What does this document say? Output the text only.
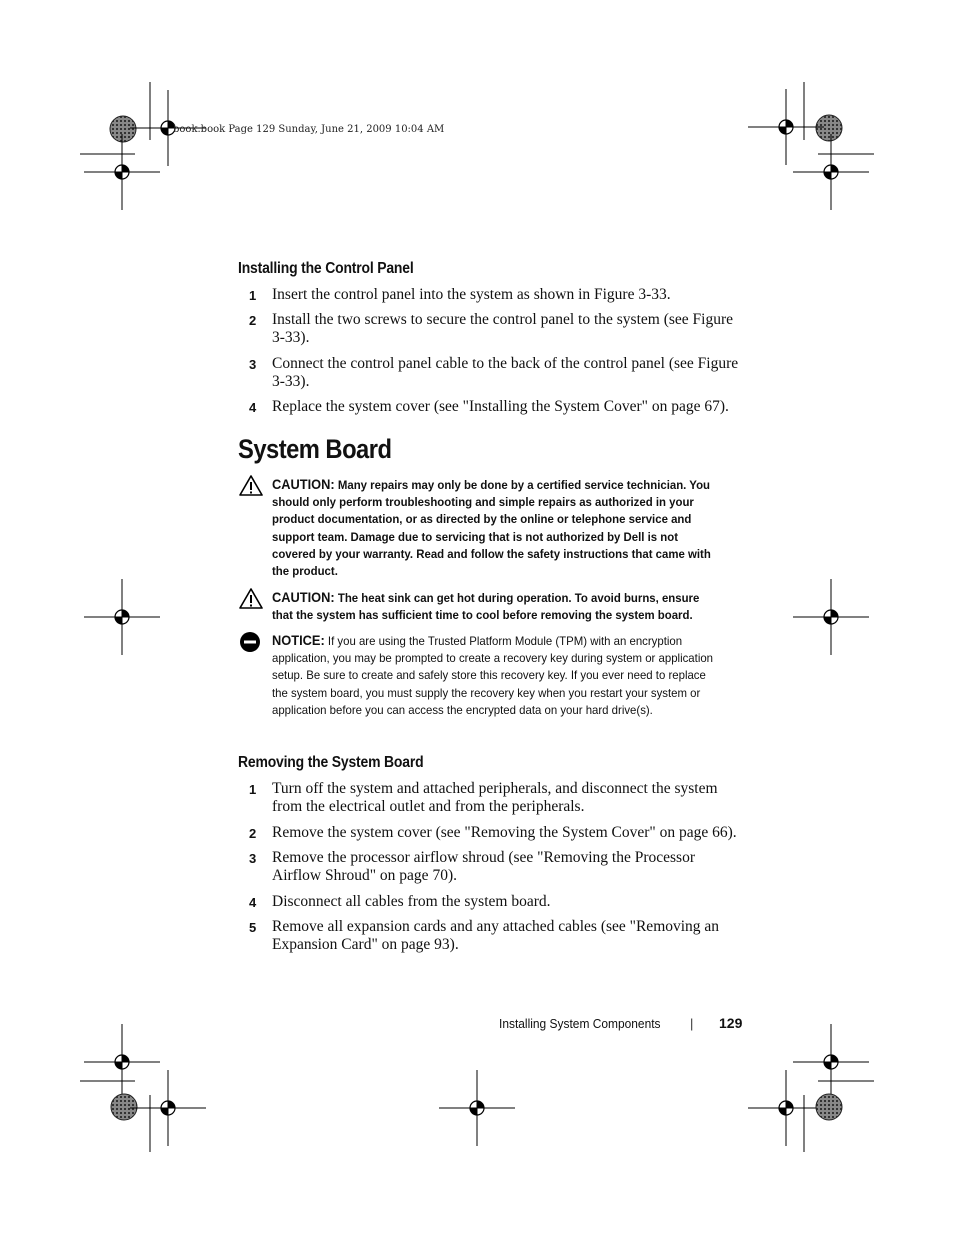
book.book Page 129 Sunday, June 21, 2009 10:04 AM
Installing the Control Panel
1 Insert the control panel into the system as shown in Figure 3-33.
2 Install the two screws to secure the control panel to the system (see Figure 3-33).
3 Connect the control panel cable to the back of the control panel (see Figure 3-33).
4 Replace the system cover (see "Installing the System Cover" on page 67).
System Board
CAUTION: Many repairs may only be done by a certified service technician. You should only perform troubleshooting and simple repairs as authorized in your product documentation, or as directed by the online or telephone service and support team. Damage due to servicing that is not authorized by Dell is not covered by your warranty. Read and follow the safety instructions that came with the product.
CAUTION: The heat sink can get hot during operation. To avoid burns, ensure that the system has sufficient time to cool before removing the system board.
NOTICE: If you are using the Trusted Platform Module (TPM) with an encryption application, you may be prompted to create a recovery key during system or application setup. Be sure to create and safely store this recovery key. If you ever need to replace the system board, you must supply the recovery key when you restart your system or application before you can access the encrypted data on your hard drive(s).
Removing the System Board
1 Turn off the system and attached peripherals, and disconnect the system from the electrical outlet and from the peripherals.
2 Remove the system cover (see "Removing the System Cover" on page 66).
3 Remove the processor airflow shroud (see "Removing the Processor Airflow Shroud" on page 70).
4 Disconnect all cables from the system board.
5 Remove all expansion cards and any attached cables (see "Removing an Expansion Card" on page 93).
Installing System Components | 129
